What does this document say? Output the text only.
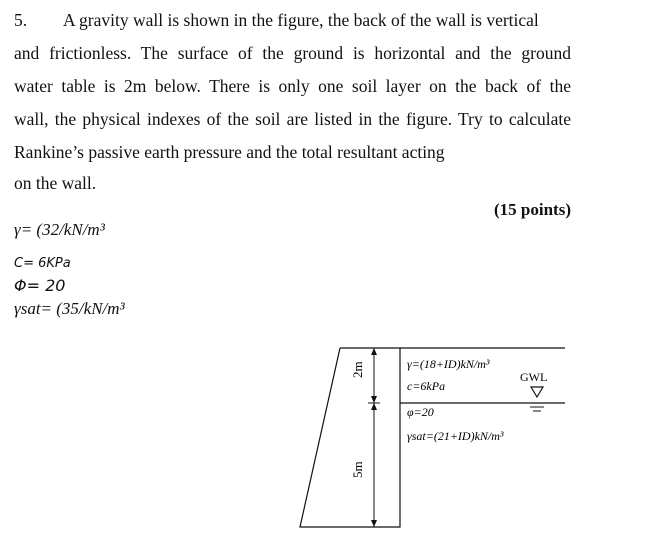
5. A gravity wall is shown in the figure, the back of the wall is vertical
and frictionless. The surface of the ground is horizontal and the ground
water table is 2m below. There is only one soil layer on the back of the
wall, the physical indexes of the soil are listed in the figure. Try to calculate
Rankine’s passive earth pressure and the total resultant acting
on the wall.
(15 points)
γ= (32/kN/m³
C= 6KPa
Φ= 20
γsat= (35/kN/m³
2m
5m
γ=(18+ID)kN/m³
c=6kPa
φ=20
γsat=(21+ID)kN/m³
GWL
